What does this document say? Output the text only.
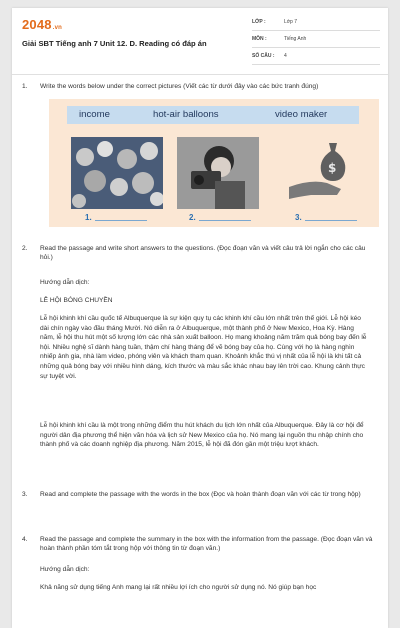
2048.vn
Giải SBT Tiếng anh 7 Unit 12. D. Reading có đáp án
LỚP :	Lớp 7
MÔN :	Tiếng Anh
SỐ CÂU : 4
1. Write the words below under the correct pictures (Viết các từ dưới đây vào các bức tranh đúng)
income	hot-air balloons	video maker
$
1.	2.	3.
2. Read the passage and write short answers to the questions. (Đọc đoạn văn và viết câu trả lời ngắn cho các câu hỏi.)
Hướng dẫn dịch:
LỄ HỘI BÓNG CHUYỀN
Lễ hội khinh khí cầu quốc tế Albuquerque là sự kiện quy tụ các khinh khí cầu lớn nhất trên thế giới. Lễ hội kéo dài chín ngày vào đầu tháng Mười. Nó diễn ra ở Albuquerque, một thành phố ở New Mexico, Hoa Kỳ. Hàng năm, lễ hội thu hút một số lượng lớn các nhà sản xuất balloon. Họ mang khoảng năm trăm quả bóng bay đến lễ hội. Nhiều nghệ sĩ dành hàng tuần, thậm chí hàng tháng để vẽ bóng bay của họ. Cùng với họ là hàng nghìn nhiếp ảnh gia, nhà làm video, phóng viên và khách tham quan. Khoảnh khắc thú vị nhất của lễ hội là khi tất cả những quả bóng bay với nhiều hình dáng, kích thước và màu sắc khác nhau bay lên trời cao. Khung cảnh thực sự tuyệt vời.
Lễ hội khinh khí cầu là một trong những điểm thu hút khách du lịch lớn nhất của Albuquerque. Đây là cơ hội để người dân địa phương thể hiện văn hóa và lịch sử New Mexico của họ. Nó mang lại nguồn thu nhập chính cho thành phố và các doanh nghiệp địa phương. Năm 2015, lễ hội đã đón gần một triệu lượt khách.
3. Read and complete the passage with the words in the box (Đọc và hoàn thành đoạn văn với các từ trong hộp)
4. Read the passage and complete the summary in the box with the information from the passage. (Đọc đoạn văn và hoàn thành phần tóm tắt trong hộp với thông tin từ đoạn văn.)
Hướng dẫn dịch:
Khả năng sử dụng tiếng Anh mang lại rất nhiều lợi ích cho người sử dụng nó. Nó giúp bạn học
